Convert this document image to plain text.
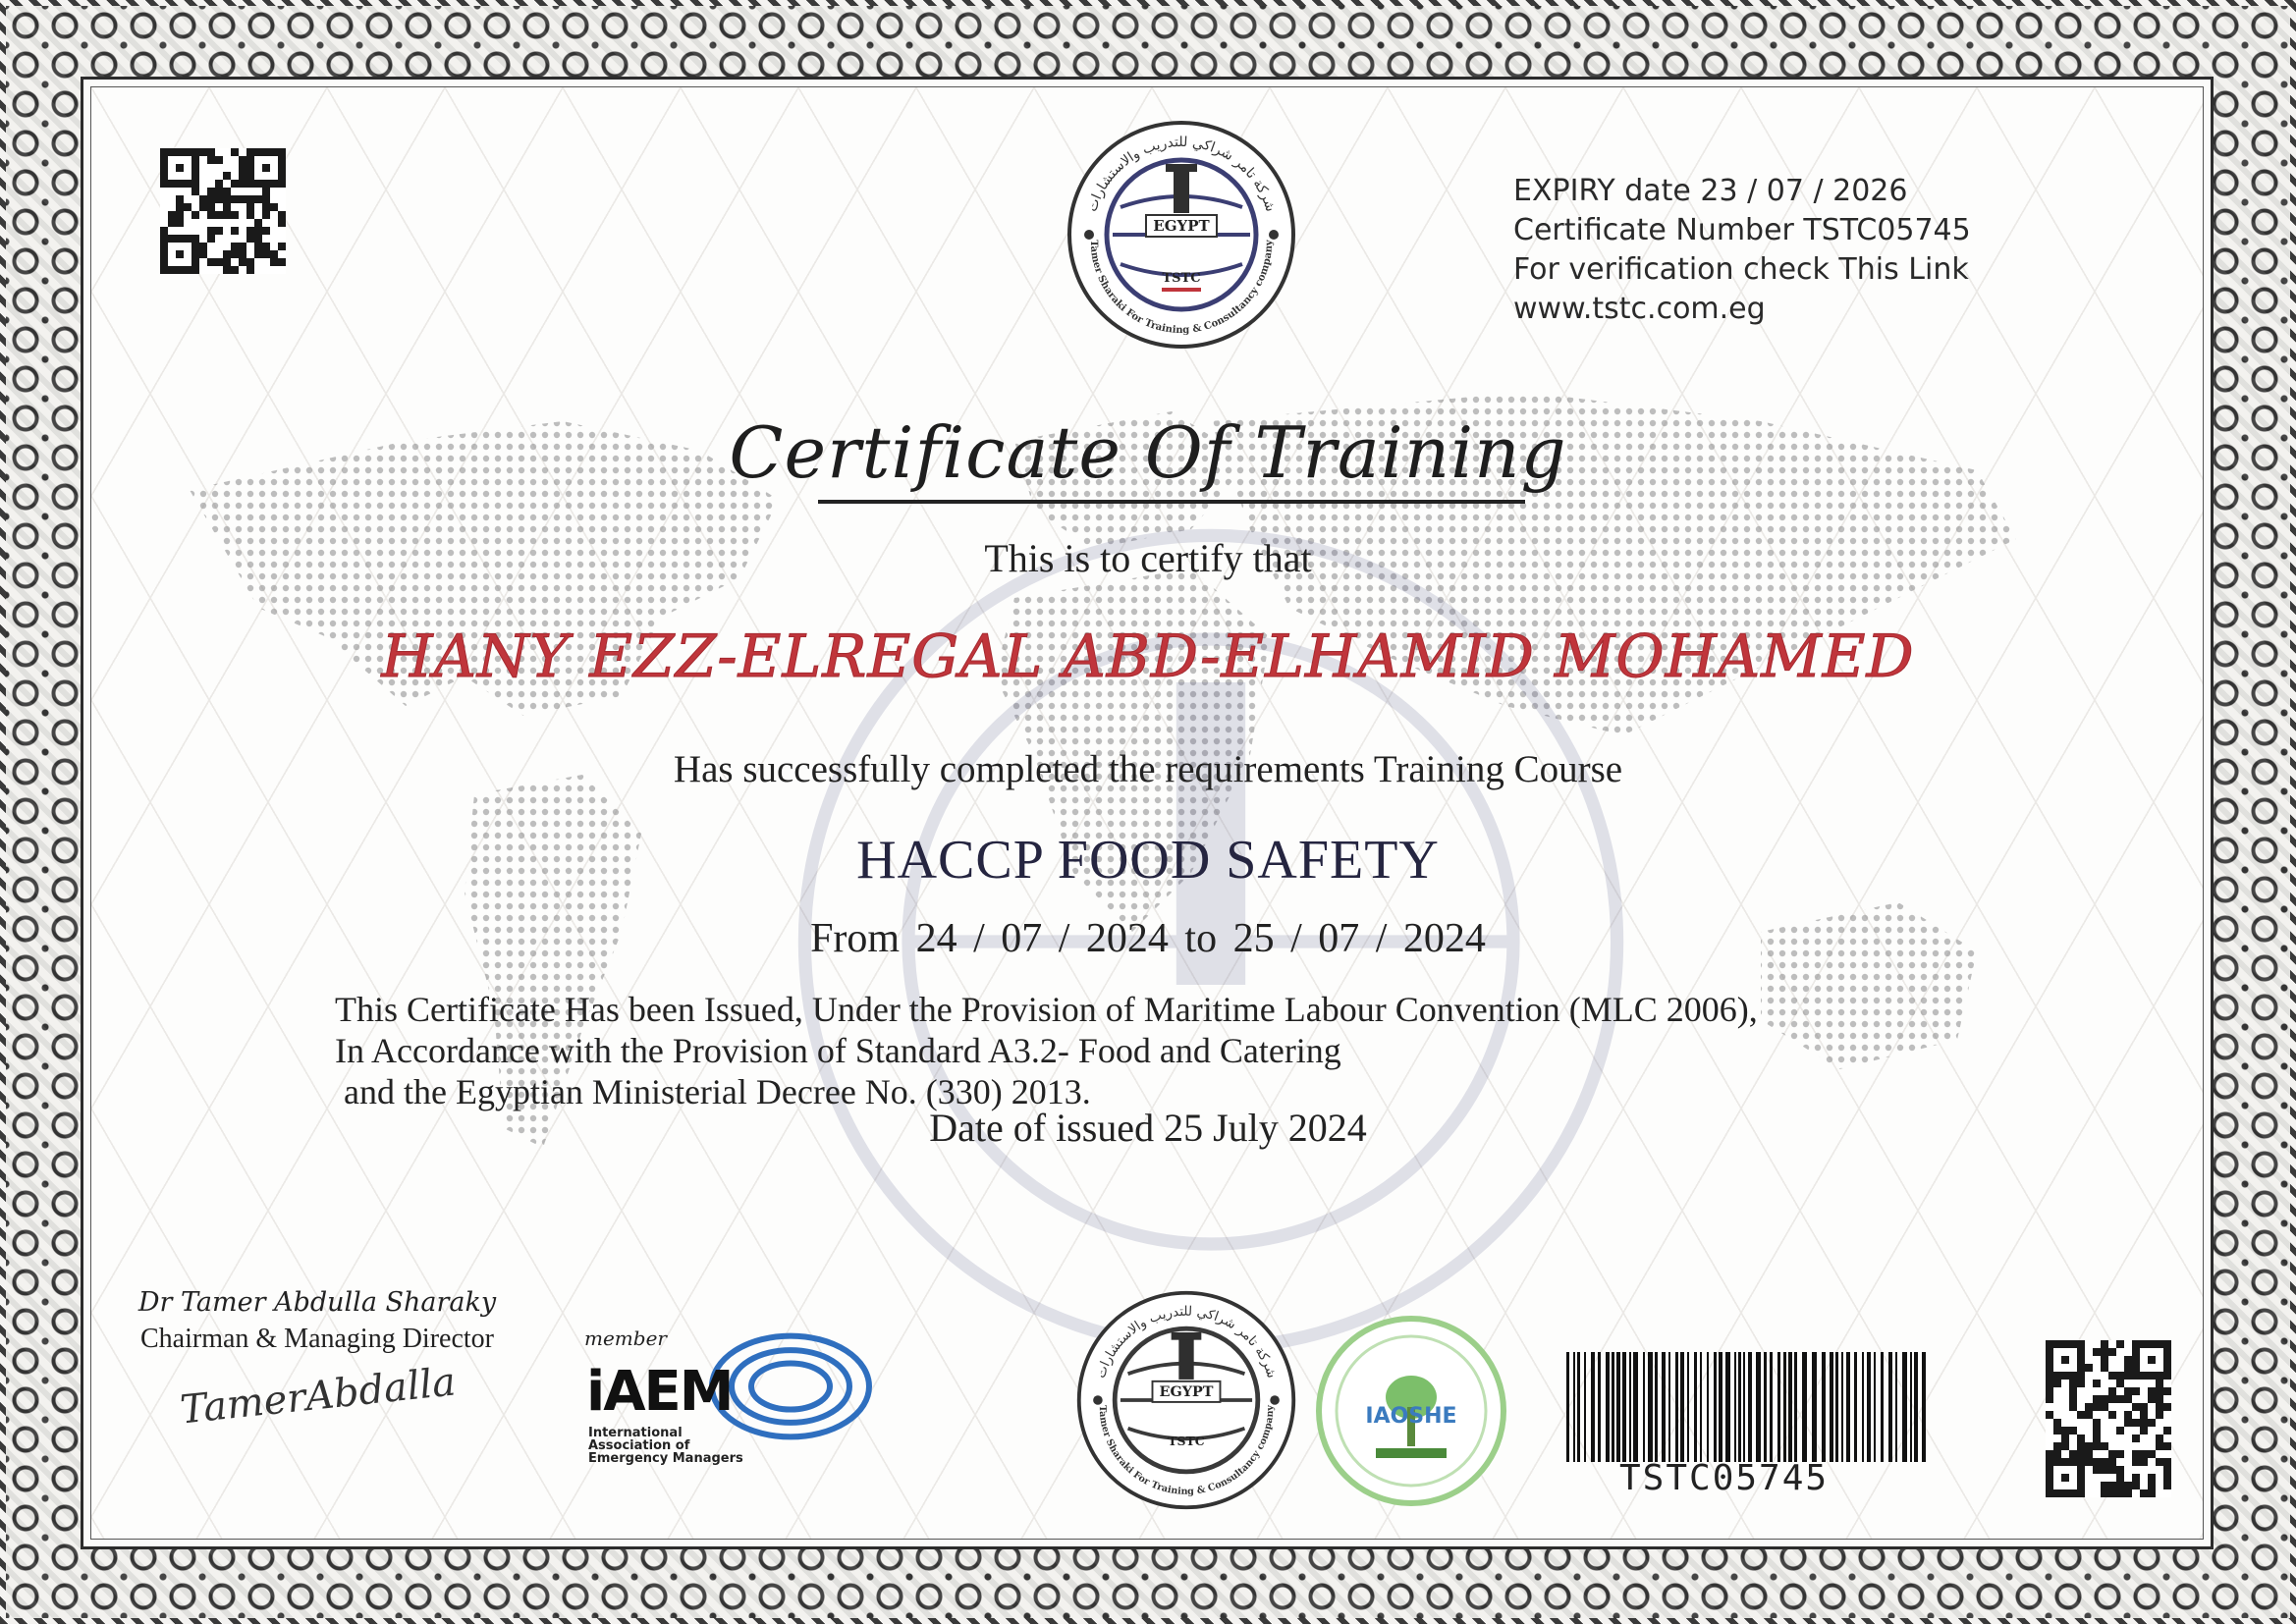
EGYPT
TSTC
شركة تامر شراكي للتدريب والاستشارات
Tamer Sharaki For Training & Consultancy company
EXPIRY date 23 / 07 / 2026
Certificate Number TSTC05745
For verification check This Link
www.tstc.com.eg
Certificate Of Training
This is to certify that
HANY EZZ-ELREGAL ABD-ELHAMID MOHAMED
Has successfully completed the requirements Training Course
HACCP FOOD SAFETY
From 24 / 07 / 2024 to 25 / 07 / 2024
This Certificate Has been Issued, Under the Provision of Maritime Labour Convention (MLC 2006),
In Accordance with the Provision of Standard A3.2- Food and Catering
and the Egyptian Ministerial Decree No. (330) 2013.
Date of issued 25 July 2024
Dr Tamer Abdulla Sharaky
Chairman & Managing Director
TamerAbdalla
member
iAEM
International
Association of
Emergency Managers
EGYPT
TSTC
شركة تامر شراكي للتدريب والاستشارات
Tamer Sharaki For Training & Consultancy company	IAOSHE
TSTC05745
